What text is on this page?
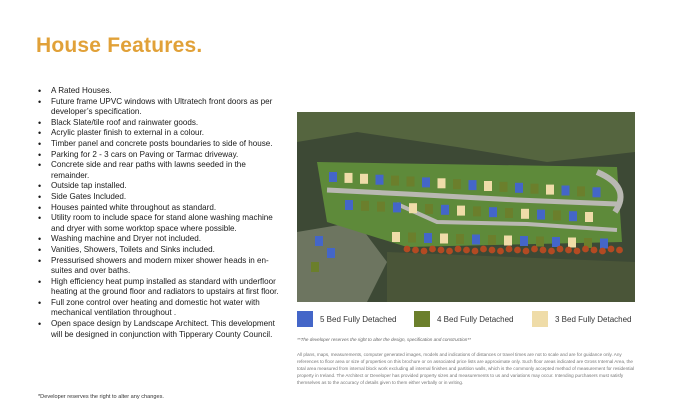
House Features.
• A Rated Houses.
• Future frame UPVC windows with Ultratech front doors as per developer’s specification.
• Black Slate/tile roof and rainwater goods.
• Acrylic plaster finish to external in a colour.
• Timber panel and concrete posts boundaries to side of house.
• Parking for 2 - 3 cars on Paving or Tarmac driveway.
• Concrete side and rear paths with lawns seeded in the remainder.
• Outside tap installed.
• Side Gates Included.
• Houses painted white throughout as standard.
• Utility room to include space for stand alone washing machine and dryer with some worktop space where possible.
• Washing machine and Dryer not included.
• Vanities, Showers, Toilets and Sinks included.
• Pressurised showers and modern mixer shower heads in en-suites and over baths.
• High efficiency heat pump installed as standard with underfloor heating at the ground floor and radiators to upstairs at first floor.
• Full zone control over heating and domestic hot water with mechanical ventilation throughout .
• Open space design by Landscape Architect. This development will be designed in conjunction with Tipperary County Council.
*Developer reserves the right to alter any changes.
5 Bed Fully Detached	4 Bed Fully Detached	3 Bed Fully Detached
**The developer reserves the right to alter the design, specification and construction**
All plans, maps, measurements, computer generated images, models and indications of distances or travel times are not to scale and are for guidance only. Any references to floor area or size of properties on this brochure or on associated price lists are approximate only. Such floor areas indicated are Gross Internal Area, the total area measured from internal block work excluding all internal finishes and partition walls, which is the commonly accepted method of measurement for residential property in Ireland. The Architect or Developer has provided property sizes and measurements to us and variations may occur. Intending purchasers must satisfy themselves as to the accuracy of details given to them either verbally or in writing.
